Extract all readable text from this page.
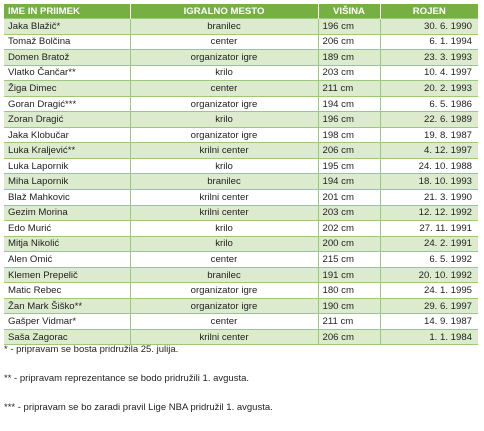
IME IN PRIIMEK	IGRALNO MESTO	VIŠINA	ROJEN
Jaka Blažič*	branilec	196 cm	30. 6. 1990
Tomaž Bolčina	center	206 cm	6. 1. 1994
Domen Bratož	organizator igre	189 cm	23. 3. 1993
Vlatko Čančar**	krilo	203 cm	10. 4. 1997
Žiga Dimec	center	211 cm	20. 2. 1993
Goran Dragić***	organizator igre	194 cm	6. 5. 1986
Zoran Dragić	krilo	196 cm	22. 6. 1989
Jaka Klobučar	organizator igre	198 cm	19. 8. 1987
Luka Kraljević**	krilni center	206 cm	4. 12. 1997
Luka Lapornik	krilo	195 cm	24. 10. 1988
Miha Lapornik	branilec	194 cm	18. 10. 1993
Blaž Mahkovic	krilni center	201 cm	21. 3. 1990
Gezim Morina	krilni center	203 cm	12. 12. 1992
Edo Murić	krilo	202 cm	27. 11. 1991
Mitja Nikolić	krilo	200 cm	24. 2. 1991
Alen Omić	center	215 cm	6. 5. 1992
Klemen Prepelič	branilec	191 cm	20. 10. 1992
Matic Rebec	organizator igre	180 cm	24. 1. 1995
Žan Mark Šiško**	organizator igre	190 cm	29. 6. 1997
Gašper Vidmar*	center	211 cm	14. 9. 1987
Saša Zagorac	krilni center	206 cm	1. 1. 1984

* - pripravam se bosta pridružila 25. julija.

** - pripravam reprezentance se bodo pridružili 1. avgusta.

*** - pripravam se bo zaradi pravil Lige NBA pridružil 1. avgusta.
